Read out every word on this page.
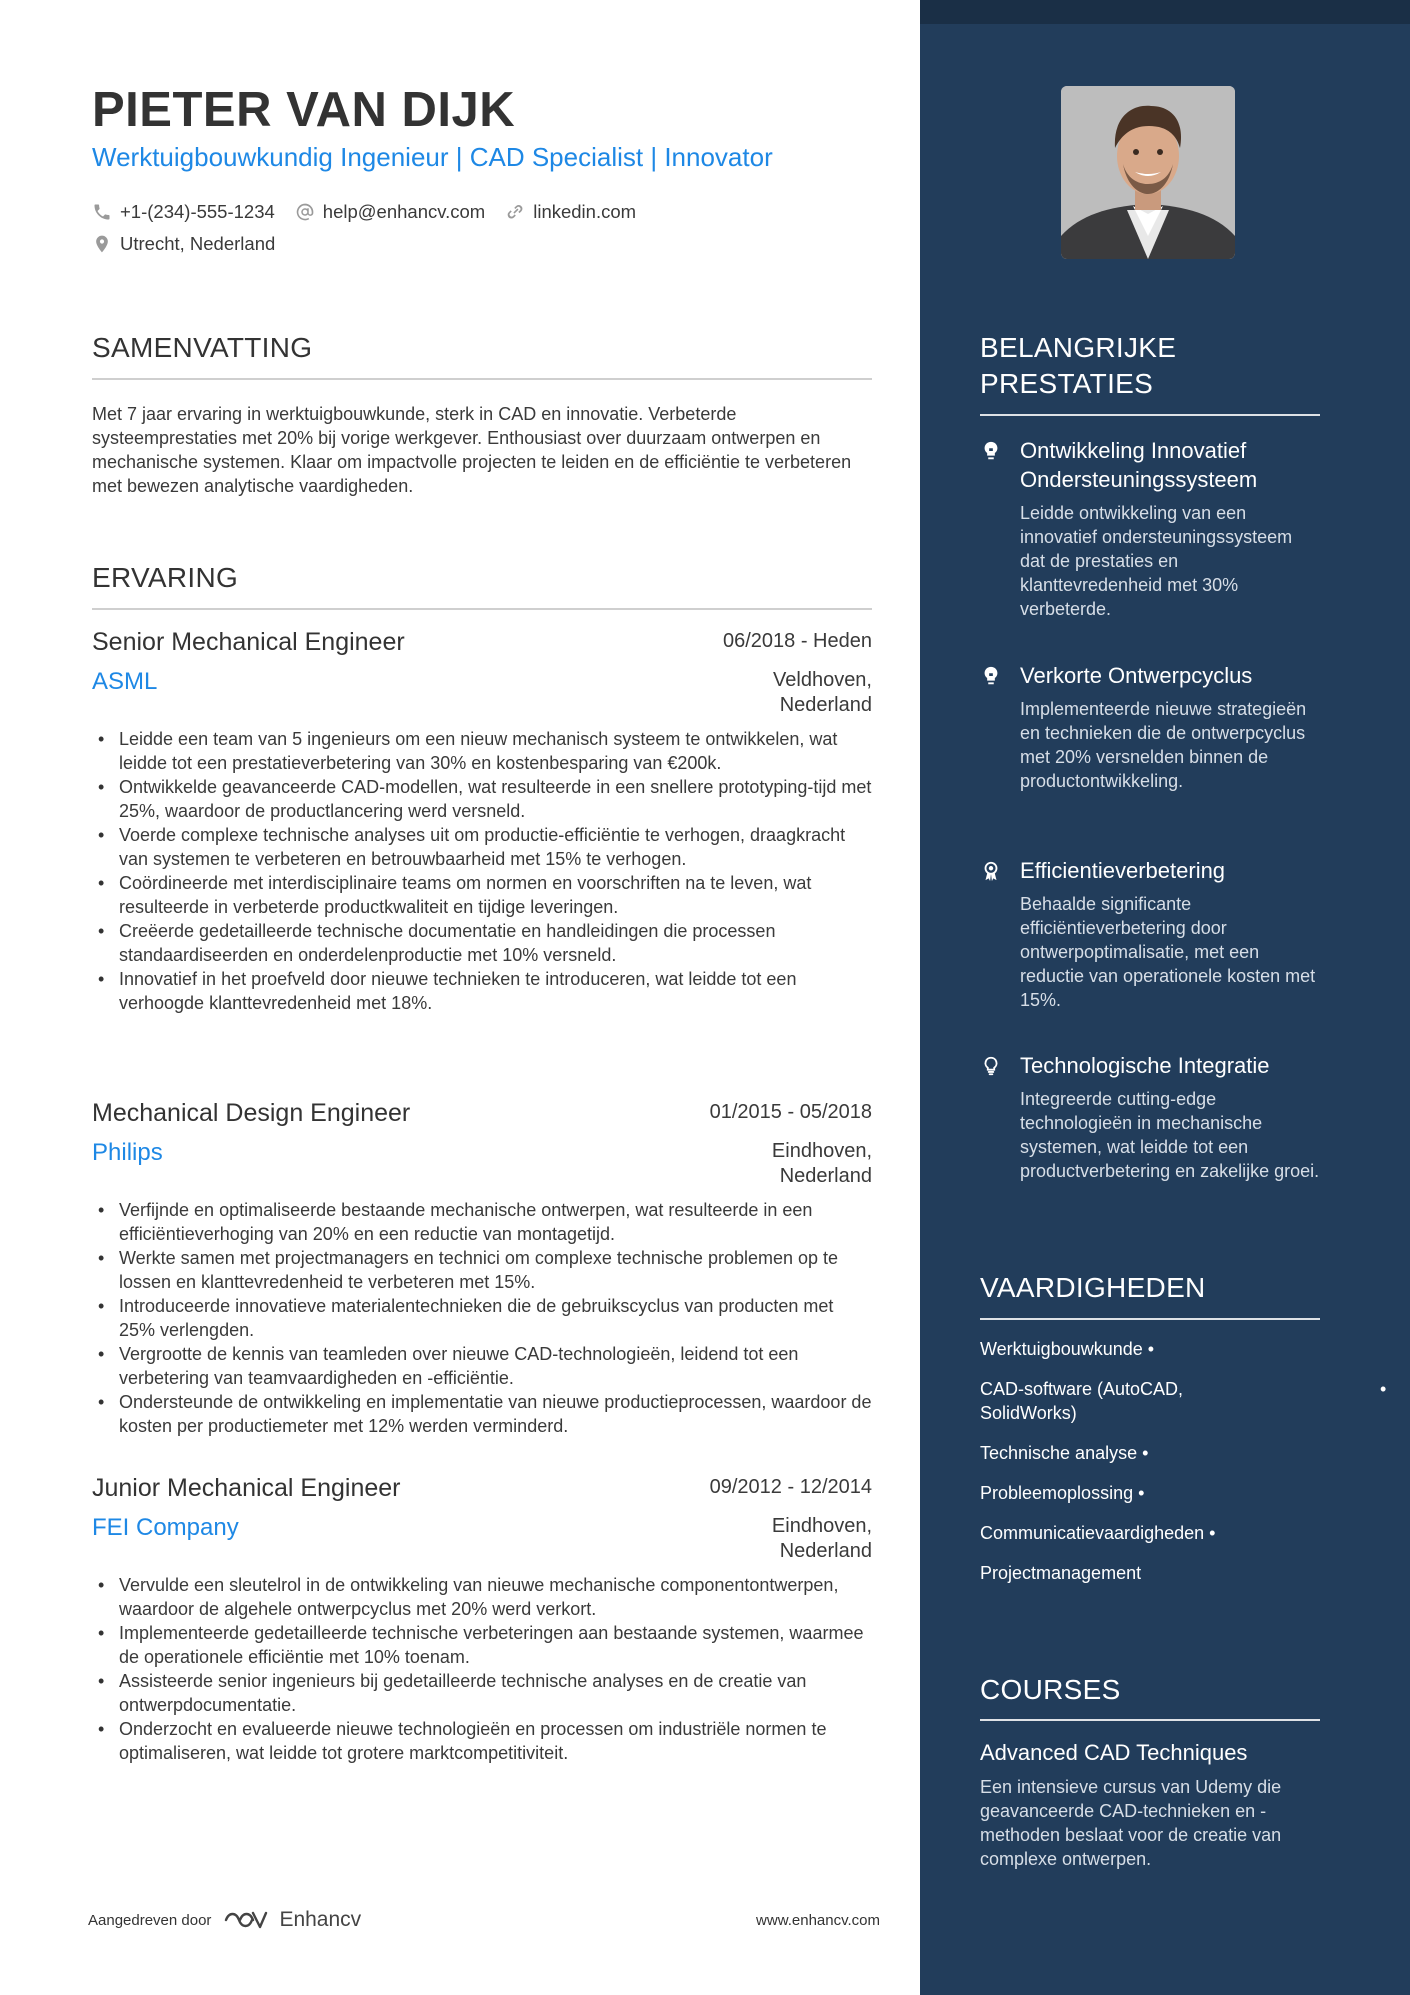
PIETER VAN DIJK
Werktuigbouwkundig Ingenieur | CAD Specialist | Innovator
+1-(234)-555-1234	help@enhancv.com	linkedin.com
Utrecht, Nederland
SAMENVATTING
Met 7 jaar ervaring in werktuigbouwkunde, sterk in CAD en innovatie. Verbeterde systeemprestaties met 20% bij vorige werkgever. Enthousiast over duurzaam ontwerpen en mechanische systemen. Klaar om impactvolle projecten te leiden en de efficiëntie te verbeteren met bewezen analytische vaardigheden.
ERVARING
Senior Mechanical Engineer	06/2018 - Heden
ASML	Veldhoven,
Nederland
• Leidde een team van 5 ingenieurs om een nieuw mechanisch systeem te ontwikkelen, wat leidde tot een prestatieverbetering van 30% en kostenbesparing van €200k.
• Ontwikkelde geavanceerde CAD-modellen, wat resulteerde in een snellere prototyping-tijd met 25%, waardoor de productlancering werd versneld.
• Voerde complexe technische analyses uit om productie-efficiëntie te verhogen, draagkracht van systemen te verbeteren en betrouwbaarheid met 15% te verhogen.
• Coördineerde met interdisciplinaire teams om normen en voorschriften na te leven, wat resulteerde in verbeterde productkwaliteit en tijdige leveringen.
• Creëerde gedetailleerde technische documentatie en handleidingen die processen standaardiseerden en onderdelenproductie met 10% versneld.
• Innovatief in het proefveld door nieuwe technieken te introduceren, wat leidde tot een verhoogde klanttevredenheid met 18%.
Mechanical Design Engineer	01/2015 - 05/2018
Philips	Eindhoven,
Nederland
• Verfijnde en optimaliseerde bestaande mechanische ontwerpen, wat resulteerde in een efficiëntieverhoging van 20% en een reductie van montagetijd.
• Werkte samen met projectmanagers en technici om complexe technische problemen op te lossen en klanttevredenheid te verbeteren met 15%.
• Introduceerde innovatieve materialentechnieken die de gebruikscyclus van producten met 25% verlengden.
• Vergrootte de kennis van teamleden over nieuwe CAD-technologieën, leidend tot een verbetering van teamvaardigheden en -efficiëntie.
• Ondersteunde de ontwikkeling en implementatie van nieuwe productieprocessen, waardoor de kosten per productiemeter met 12% werden verminderd.
Junior Mechanical Engineer	09/2012 - 12/2014
FEI Company	Eindhoven,
Nederland
• Vervulde een sleutelrol in de ontwikkeling van nieuwe mechanische componentontwerpen, waardoor de algehele ontwerpcyclus met 20% werd verkort.
• Implementeerde gedetailleerde technische verbeteringen aan bestaande systemen, waarmee de operationele efficiëntie met 10% toenam.
• Assisteerde senior ingenieurs bij gedetailleerde technische analyses en de creatie van ontwerpdocumentatie.
• Onderzocht en evalueerde nieuwe technologieën en processen om industriële normen te optimaliseren, wat leidde tot grotere marktcompetitiviteit.
Aangedreven door	Enhancv	www.enhancv.com
BELANGRIJKE
PRESTATIES
Ontwikkeling Innovatief Ondersteuningssysteem
Leidde ontwikkeling van een innovatief ondersteuningssysteem dat de prestaties en klanttevredenheid met 30% verbeterde.
Verkorte Ontwerpcyclus
Implementeerde nieuwe strategieën en technieken die de ontwerpcyclus met 20% versnelden binnen de productontwikkeling.
Efficientieverbetering
Behaalde significante efficiëntieverbetering door ontwerpoptimalisatie, met een reductie van operationele kosten met 15%.
Technologische Integratie
Integreerde cutting-edge technologieën in mechanische systemen, wat leidde tot een productverbetering en zakelijke groei.
VAARDIGHEDEN
Werktuigbouwkunde •
CAD-software (AutoCAD, SolidWorks)
•
Technische analyse •
Probleemoplossing •
Communicatievaardigheden •
Projectmanagement
COURSES
Advanced CAD Techniques
Een intensieve cursus van Udemy die geavanceerde CAD-technieken en -methoden beslaat voor de creatie van complexe ontwerpen.
